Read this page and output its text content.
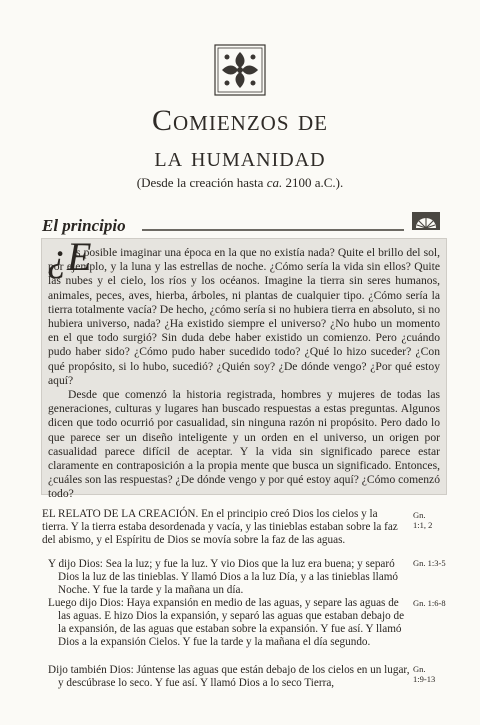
Comienzos de
la humanidad
(Desde la creación hasta ca. 2100 a.C.).
El principio

s posible imaginar una época en la que no existía nada? Quite el brillo del sol, por ejemplo, y la luna y las estrellas de noche. ¿Cómo sería la vida sin ellos? Quite las nubes y el cielo, los ríos y los océanos. Imagine la tierra sin seres humanos, animales, peces, aves, hierba, árboles, ni plantas de cualquier tipo. ¿Cómo sería la tierra totalmente vacía? De hecho, ¿cómo sería si no hubiera tierra en absoluto, si no hubiera universo, nada? ¿Ha existido siempre el universo? ¿No hubo un momento en el que todo surgió? Sin duda debe haber existido un comienzo. Pero ¿cuándo pudo haber sido? ¿Cómo pudo haber sucedido todo? ¿Qué lo hizo suceder? ¿Con qué propósito, si lo hubo, sucedió? ¿Quién soy? ¿De dónde vengo? ¿Por qué estoy aquí?

Desde que comenzó la historia registrada, hombres y mujeres de todas las generaciones, culturas y lugares han buscado respuestas a estas preguntas. Algunos dicen que todo ocurrió por casualidad, sin ninguna razón ni propósito. Pero dado lo que parece ser un diseño inteligente y un orden en el universo, un origen por casualidad parece difícil de aceptar. Y la vida sin significado parece estar claramente en contraposición a la propia mente que busca un significado. Entonces, ¿cuáles son las respuestas? ¿De dónde vengo y por qué estoy aquí? ¿Cómo comenzó todo?

¿E
EL RELATO DE LA CREACIÓN. En el principio creó Dios los cielos y la tierra. Y la tierra estaba desordenada y vacía, y las tinieblas estaban sobre la faz del abismo, y el Espíritu de Dios se movía sobre la faz de las aguas.
Y dijo Dios: Sea la luz; y fue la luz. Y vio Dios que la luz era buena; y separó Dios la luz de las tinieblas. Y llamó Dios a la luz Día, y a las tinieblas llamó Noche. Y fue la tarde y la mañana un día.
Luego dijo Dios: Haya expansión en medio de las aguas, y separe las aguas de las aguas. E hizo Dios la expansión, y separó las aguas que estaban debajo de la expansión, de las aguas que estaban sobre la expansión. Y fue así. Y llamó Dios a la expansión Cielos. Y fue la tarde y la mañana el día segundo.
Dijo también Dios: Júntense las aguas que están debajo de los cielos en un lugar, y descúbrase lo seco. Y fue así. Y llamó Dios a lo seco Tierra,
Gn.
1:1, 2
Gn. 1:3-5
Gn. 1:6-8
Gn.
1:9-13
